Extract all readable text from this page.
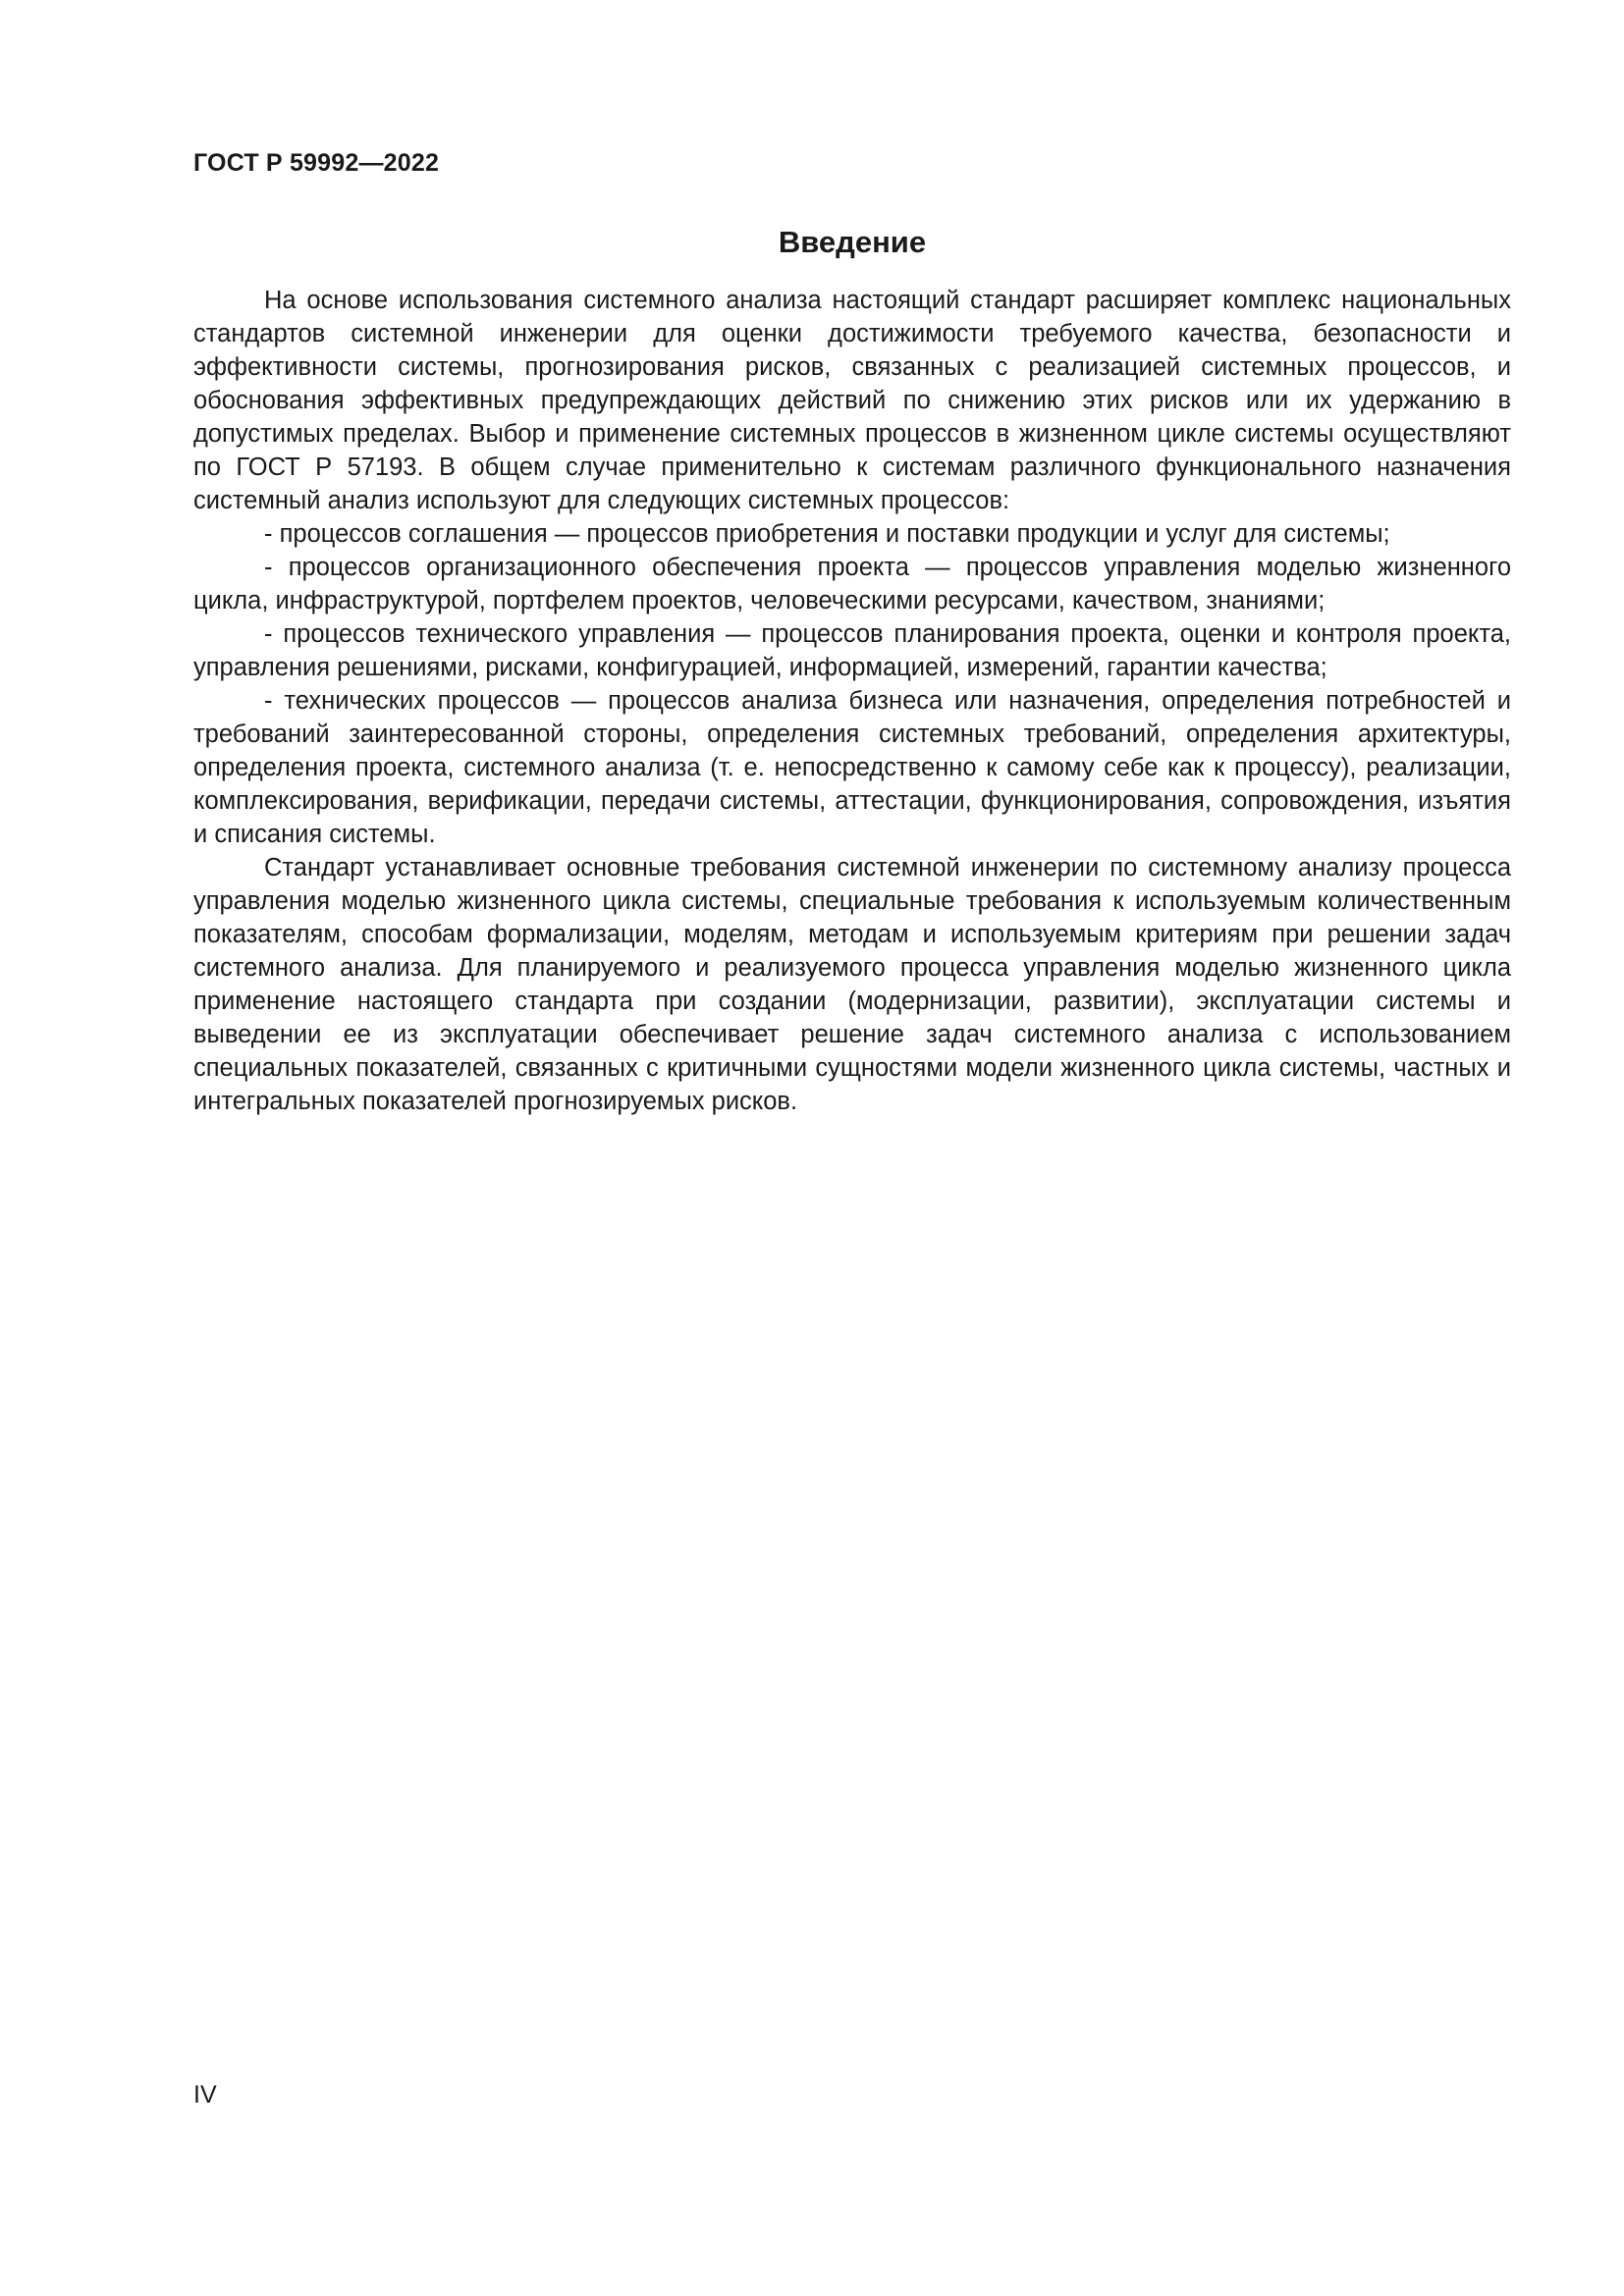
ГОСТ Р 59992—2022
Введение

На основе использования системного анализа настоящий стандарт расширяет комплекс национальных стандартов системной инженерии для оценки достижимости требуемого качества, безопасности и эффективности системы, прогнозирования рисков, связанных с реализацией системных процессов, и обоснования эффективных предупреждающих действий по снижению этих рисков или их удержанию в допустимых пределах. Выбор и применение системных процессов в жизненном цикле системы осуществляют по ГОСТ Р 57193. В общем случае применительно к системам различного функционального назначения системный анализ используют для следующих системных процессов:

- процессов соглашения — процессов приобретения и поставки продукции и услуг для системы;

- процессов организационного обеспечения проекта — процессов управления моделью жизненного цикла, инфраструктурой, портфелем проектов, человеческими ресурсами, качеством, знаниями;

- процессов технического управления — процессов планирования проекта, оценки и контроля проекта, управления решениями, рисками, конфигурацией, информацией, измерений, гарантии качества;

- технических процессов — процессов анализа бизнеса или назначения, определения потребностей и требований заинтересованной стороны, определения системных требований, определения архитектуры, определения проекта, системного анализа (т. е. непосредственно к самому себе как к процессу), реализации, комплексирования, верификации, передачи системы, аттестации, функционирования, сопровождения, изъятия и списания системы.

Стандарт устанавливает основные требования системной инженерии по системному анализу процесса управления моделью жизненного цикла системы, специальные требования к используемым количественным показателям, способам формализации, моделям, методам и используемым критериям при решении задач системного анализа. Для планируемого и реализуемого процесса управления моделью жизненного цикла применение настоящего стандарта при создании (модернизации, развитии), эксплуатации системы и выведении ее из эксплуатации обеспечивает решение задач системного анализа с использованием специальных показателей, связанных с критичными сущностями модели жизненного цикла системы, частных и интегральных показателей прогнозируемых рисков.

IV
